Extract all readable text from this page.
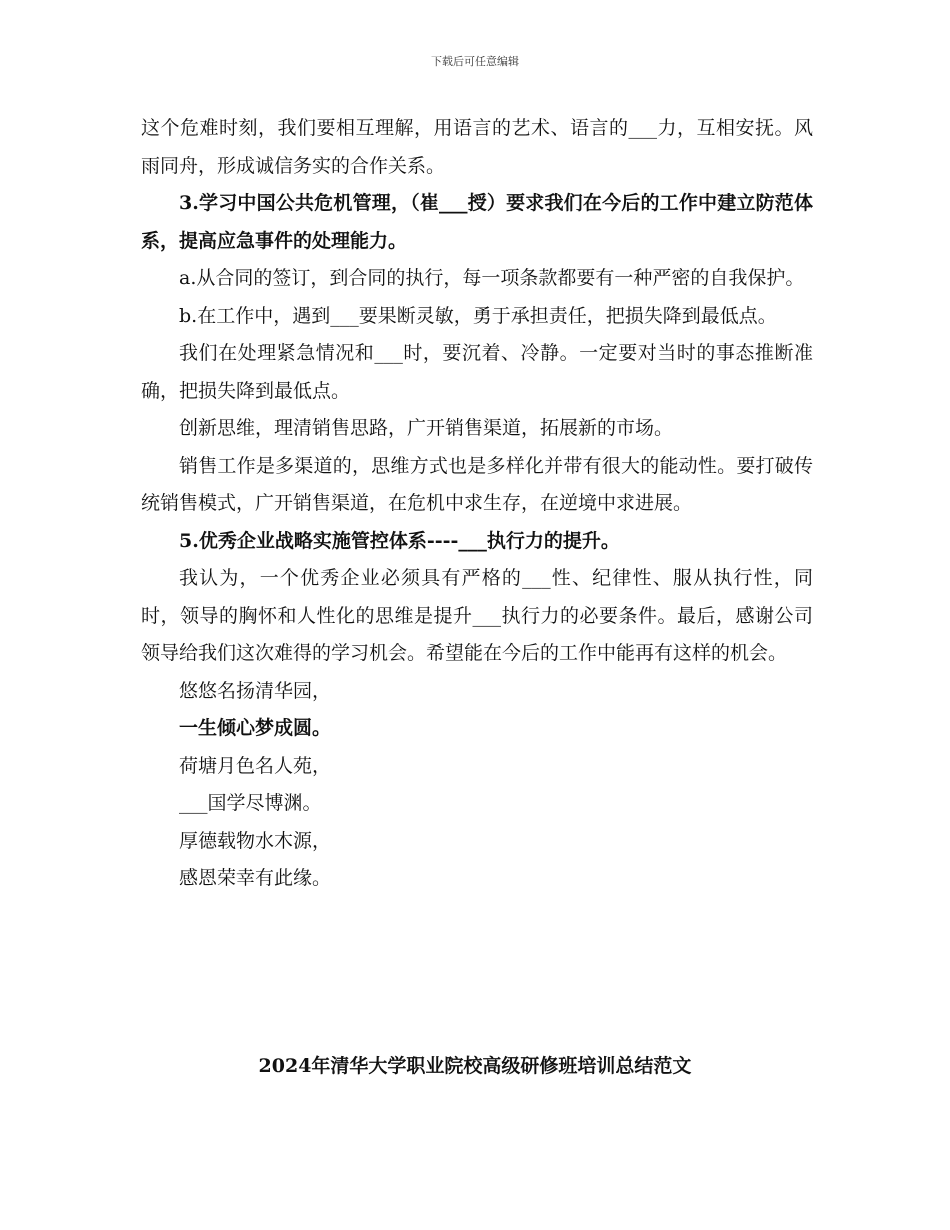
下载后可任意编辑

这个危难时刻，我们要相互理解，用语言的艺术、语言的___力，互相安抚。风雨同舟，形成诚信务实的合作关系。

3.学习中国公共危机管理，（崔___授）要求我们在今后的工作中建立防范体系，提高应急事件的处理能力。

a.从合同的签订，到合同的执行，每一项条款都要有一种严密的自我保护。

b.在工作中，遇到___要果断灵敏，勇于承担责任，把损失降到最低点。

我们在处理紧急情况和___时，要沉着、冷静。一定要对当时的事态推断准确，把损失降到最低点。

创新思维，理清销售思路，广开销售渠道，拓展新的市场。

销售工作是多渠道的，思维方式也是多样化并带有很大的能动性。要打破传统销售模式，广开销售渠道，在危机中求生存，在逆境中求进展。

5.优秀企业战略实施管控体系----___执行力的提升。

我认为，一个优秀企业必须具有严格的___性、纪律性、服从执行性，同时，领导的胸怀和人性化的思维是提升___执行力的必要条件。最后，感谢公司领导给我们这次难得的学习机会。希望能在今后的工作中能再有这样的机会。

悠悠名扬清华园，

一生倾心梦成圆。

荷塘月色名人苑，

___国学尽博渊。

厚德载物水木源，

感恩荣幸有此缘。

2024年清华大学职业院校高级研修班培训总结范文
